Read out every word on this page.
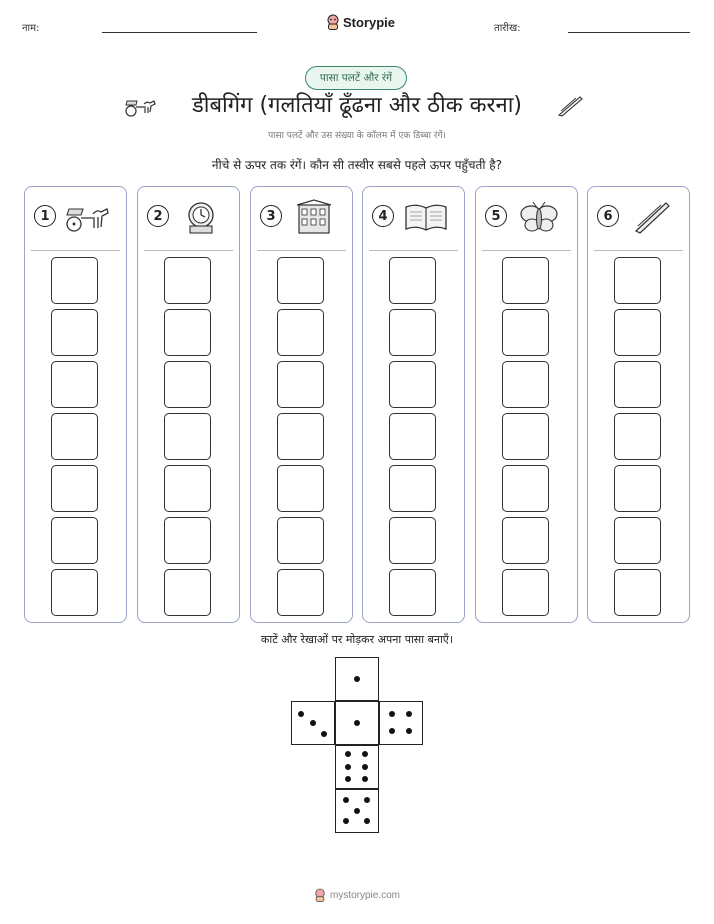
नाम:	Storypie	तारीख:
पासा पलटें और रंगें
डीबगिंग (गलतियाँ ढूँढना और ठीक करना)
पासा पलटें और उस संख्या के कॉलम में एक डिब्बा रंगें।
नीचे से ऊपर तक रंगें। कौन सी तस्वीर सबसे पहले ऊपर पहुँचती है?
1	2	3	4	5	6
काटें और रेखाओं पर मोड़कर अपना पासा बनाएँ।
mystorypie.com
